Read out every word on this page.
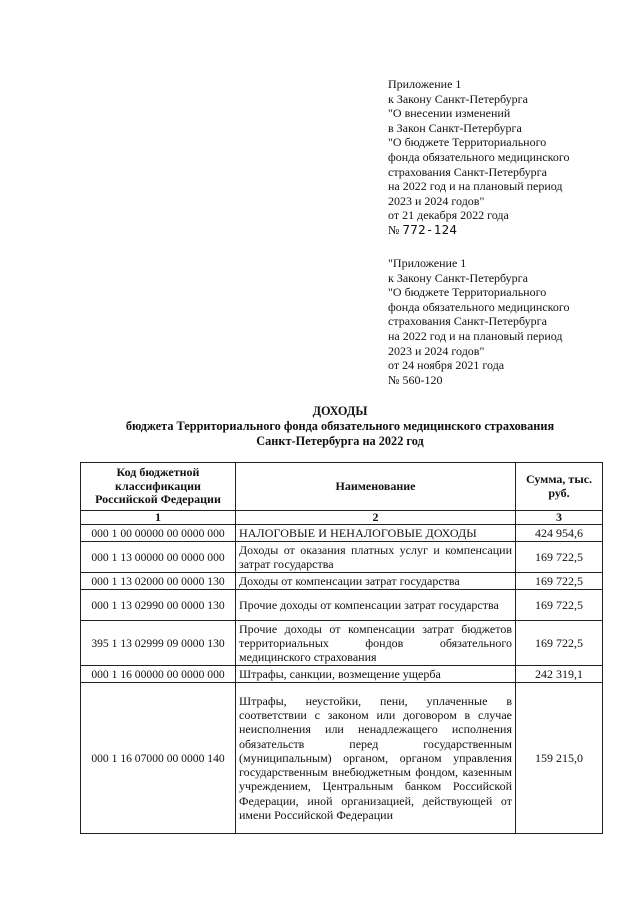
Приложение 1
к Закону Санкт-Петербурга
"О внесении изменений
в Закон Санкт-Петербурга
"О бюджете Территориального
фонда обязательного медицинского
страхования Санкт-Петербурга
на 2022 год и на плановый период
2023 и 2024 годов"
от 21 декабря 2022 года
№ 772-124
"Приложение 1
к Закону Санкт-Петербурга
"О бюджете Территориального
фонда обязательного медицинского
страхования Санкт-Петербурга
на 2022 год и на плановый период
2023 и 2024 годов"
от 24 ноября 2021 года
№ 560-120
ДОХОДЫ
бюджета Территориального фонда обязательного медицинского страхования
Санкт-Петербурга на 2022 год
Код бюджетной классификации Российской Федерации	Наименование	Сумма, тыс. руб.
1	2	3
000 1 00 00000 00 0000 000	НАЛОГОВЫЕ И НЕНАЛОГОВЫЕ ДОХОДЫ	424 954,6
000 1 13 00000 00 0000 000	Доходы от оказания платных услуг и компенсации затрат государства	169 722,5
000 1 13 02000 00 0000 130	Доходы от компенсации затрат государства	169 722,5
000 1 13 02990 00 0000 130	Прочие доходы от компенсации затрат государства	169 722,5
395 1 13 02999 09 0000 130	Прочие доходы от компенсации затрат бюджетов территориальных фондов обязательного медицинского страхования	169 722,5
000 1 16 00000 00 0000 000	Штрафы, санкции, возмещение ущерба	242 319,1
000 1 16 07000 00 0000 140	Штрафы, неустойки, пени, уплаченные в соответствии с законом или договором в случае неисполнения или ненадлежащего исполнения обязательств перед государственным (муниципальным) органом, органом управления государственным внебюджетным фондом, казенным учреждением, Центральным банком Российской Федерации, иной организацией, действующей от имени Российской Федерации	159 215,0
